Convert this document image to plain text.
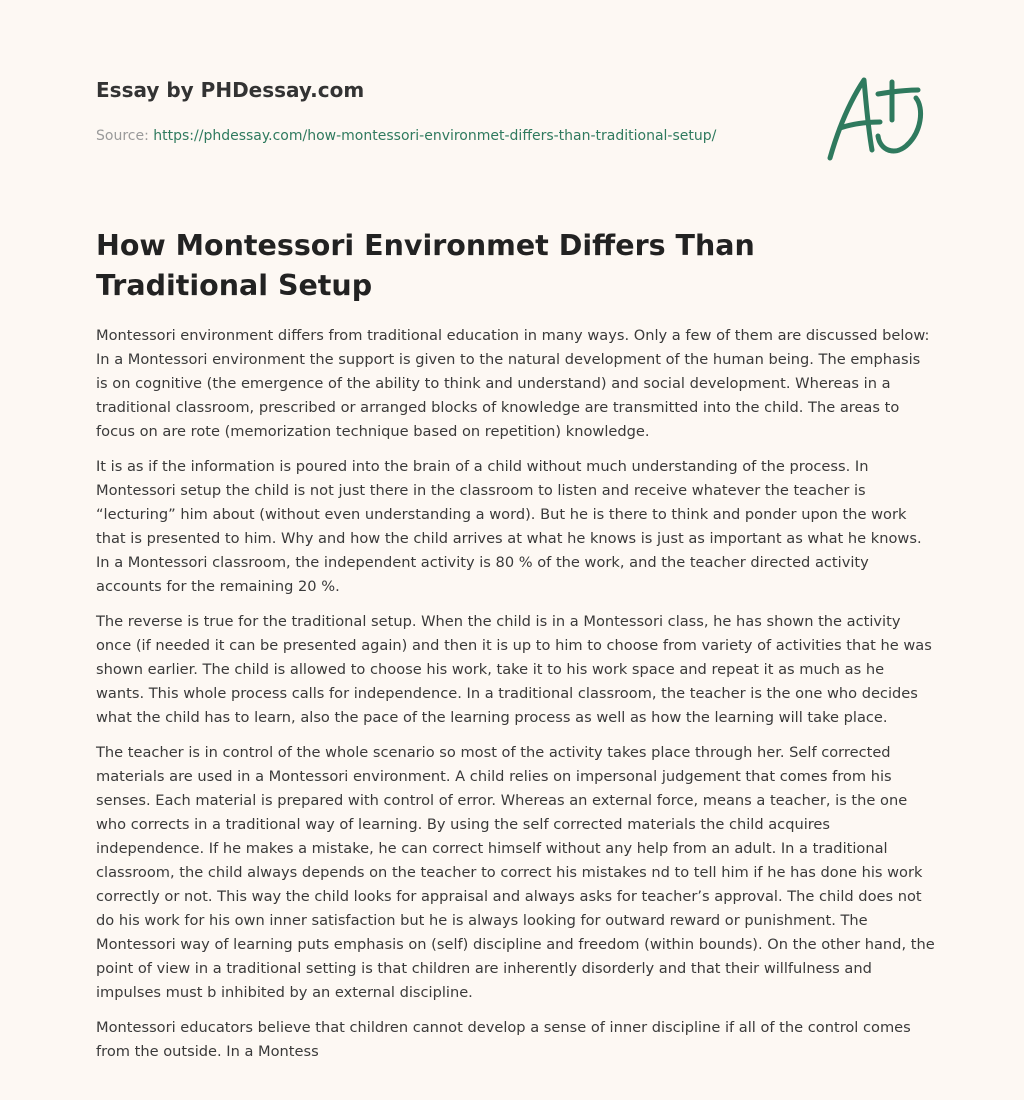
Essay by PHDessay.com
Source: https://phdessay.com/how-montessori-environmet-differs-than-traditional-setup/
How Montessori Environmet Differs Than Traditional Setup

Montessori environment differs from traditional education in many ways. Only a few of them are discussed below: In a Montessori environment the support is given to the natural development of the human being. The emphasis is on cognitive (the emergence of the ability to think and understand) and social development. Whereas in a traditional classroom, prescribed or arranged blocks of knowledge are transmitted into the child. The areas to focus on are rote (memorization technique based on repetition) knowledge.

It is as if the information is poured into the brain of a child without much understanding of the process. In Montessori setup the child is not just there in the classroom to listen and receive whatever the teacher is “lecturing” him about (without even understanding a word). But he is there to think and ponder upon the work that is presented to him. Why and how the child arrives at what he knows is just as important as what he knows. In a Montessori classroom, the independent activity is 80 % of the work, and the teacher directed activity accounts for the remaining 20 %.

The reverse is true for the traditional setup. When the child is in a Montessori class, he has shown the activity once (if needed it can be presented again) and then it is up to him to choose from variety of activities that he was shown earlier. The child is allowed to choose his work, take it to his work space and repeat it as much as he wants. This whole process calls for independence. In a traditional classroom, the teacher is the one who decides what the child has to learn, also the pace of the learning process as well as how the learning will take place.

The teacher is in control of the whole scenario so most of the activity takes place through her. Self corrected materials are used in a Montessori environment. A child relies on impersonal judgement that comes from his senses. Each material is prepared with control of error. Whereas an external force, means a teacher, is the one who corrects in a traditional way of learning. By using the self corrected materials the child acquires independence. If he makes a mistake, he can correct himself without any help from an adult. In a traditional classroom, the child always depends on the teacher to correct his mistakes nd to tell him if he has done his work correctly or not. This way the child looks for appraisal and always asks for teacher’s approval. The child does not do his work for his own inner satisfaction but he is always looking for outward reward or punishment. The Montessori way of learning puts emphasis on (self) discipline and freedom (within bounds). On the other hand, the point of view in a traditional setting is that children are inherently disorderly and that their willfulness and impulses must b inhibited by an external discipline.

Montessori educators believe that children cannot develop a sense of inner discipline if all of the control comes from the outside. In a Montess
